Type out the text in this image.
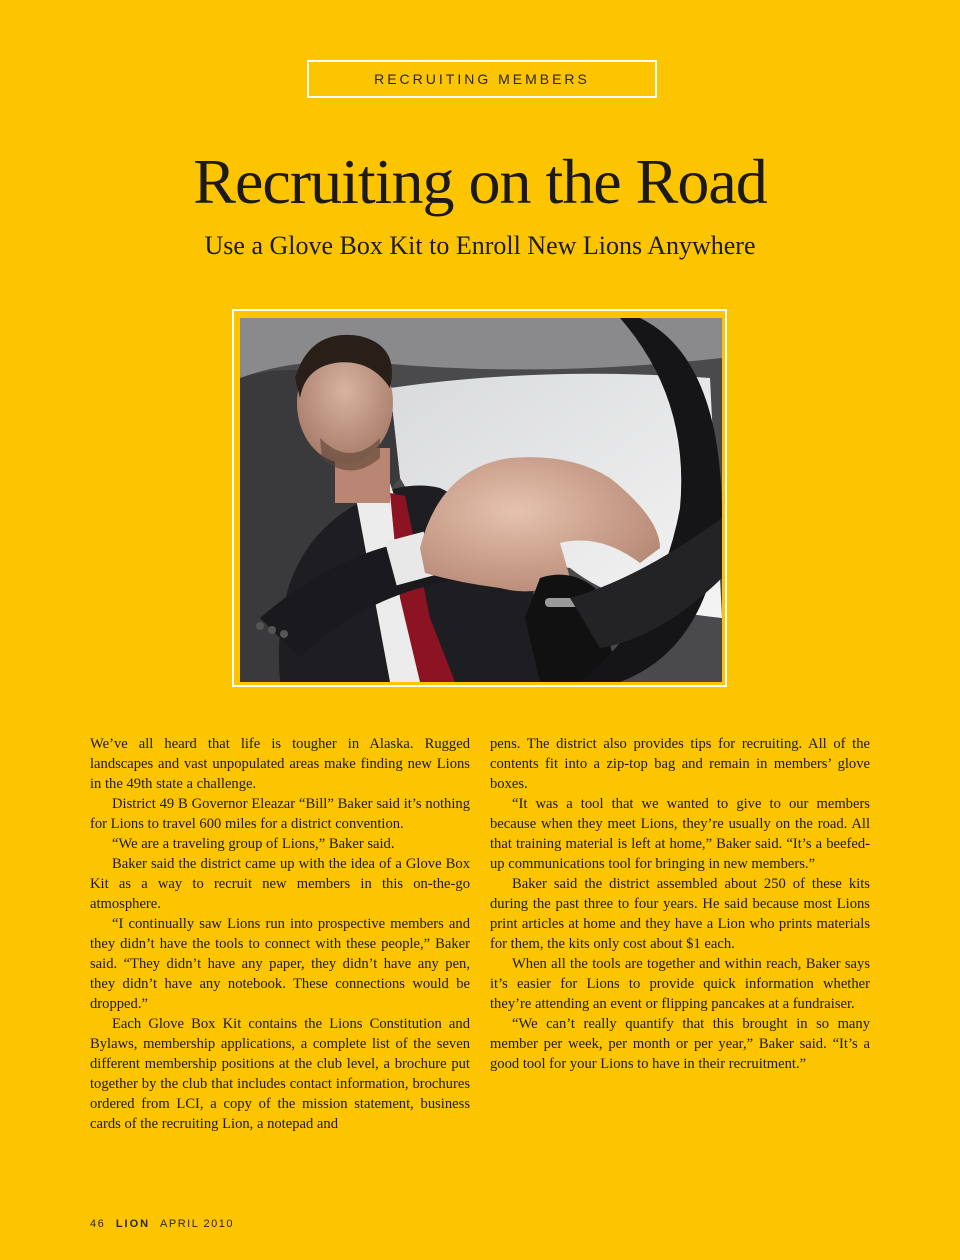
RECRUITING MEMBERS
Recruiting on the Road
Use a Glove Box Kit to Enroll New Lions Anywhere

We’ve all heard that life is tougher in Alaska. Rugged landscapes and vast unpopulated areas make finding new Lions in the 49th state a challenge.

District 49 B Governor Eleazar “Bill” Baker said it’s nothing for Lions to travel 600 miles for a district convention.

“We are a traveling group of Lions,” Baker said.

Baker said the district came up with the idea of a Glove Box Kit as a way to recruit new members in this on-the-go atmosphere.

“I continually saw Lions run into prospective members and they didn’t have the tools to connect with these people,” Baker said. “They didn’t have any paper, they didn’t have any pen, they didn’t have any notebook. These connections would be dropped.”

Each Glove Box Kit contains the Lions Constitution and Bylaws, membership applications, a complete list of the seven different membership positions at the club level, a brochure put together by the club that includes contact information, brochures ordered from LCI, a copy of the mission statement, business cards of the recruiting Lion, a notepad and

pens. The district also provides tips for recruiting. All of the contents fit into a zip-top bag and remain in members’ glove boxes.

“It was a tool that we wanted to give to our members because when they meet Lions, they’re usually on the road. All that training material is left at home,” Baker said. “It’s a beefed-up communications tool for bringing in new members.”

Baker said the district assembled about 250 of these kits during the past three to four years. He said because most Lions print articles at home and they have a Lion who prints materials for them, the kits only cost about $1 each.

When all the tools are together and within reach, Baker says it’s easier for Lions to provide quick information whether they’re attending an event or flipping pancakes at a fundraiser.

“We can’t really quantify that this brought in so many member per week, per month or per year,” Baker said. “It’s a good tool for your Lions to have in their recruitment.”

46 LION APRIL 2010
